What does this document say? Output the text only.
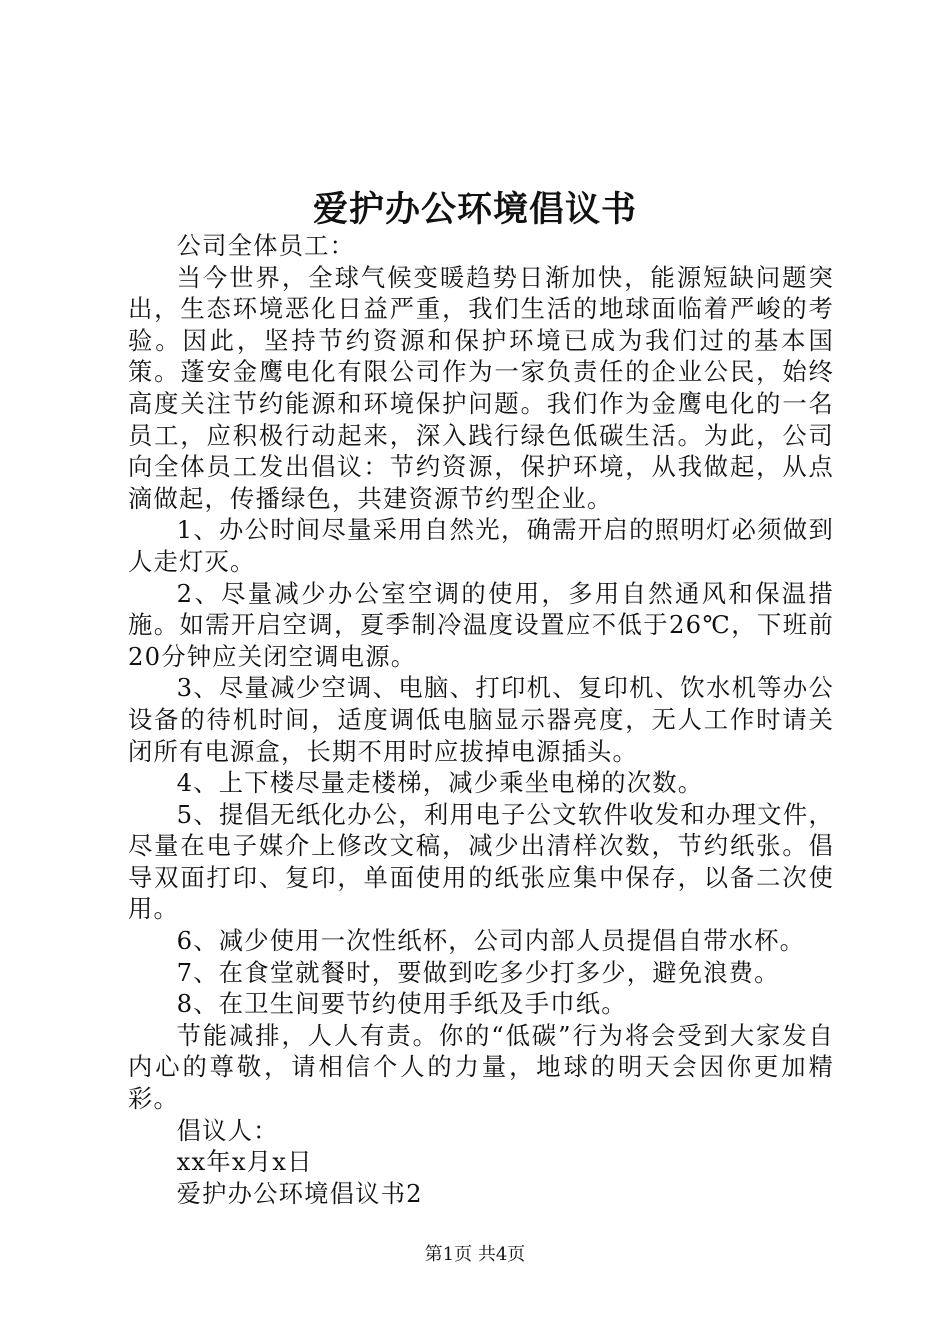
爱护办公环境倡议书

公司全体员工：

当今世界，全球气候变暖趋势日渐加快，能源短缺问题突出，生态环境恶化日益严重，我们生活的地球面临着严峻的考验。因此，坚持节约资源和保护环境已成为我们过的基本国策。蓬安金鹰电化有限公司作为一家负责任的企业公民，始终高度关注节约能源和环境保护问题。我们作为金鹰电化的一名员工，应积极行动起来，深入践行绿色低碳生活。为此，公司向全体员工发出倡议：节约资源，保护环境，从我做起，从点滴做起，传播绿色，共建资源节约型企业。

1、办公时间尽量采用自然光，确需开启的照明灯必须做到人走灯灭。

2、尽量减少办公室空调的使用，多用自然通风和保温措施。如需开启空调，夏季制冷温度设置应不低于26℃，下班前20分钟应关闭空调电源。

3、尽量减少空调、电脑、打印机、复印机、饮水机等办公设备的待机时间，适度调低电脑显示器亮度，无人工作时请关闭所有电源盒，长期不用时应拔掉电源插头。

4、上下楼尽量走楼梯，减少乘坐电梯的次数。

5、提倡无纸化办公，利用电子公文软件收发和办理文件，尽量在电子媒介上修改文稿，减少出清样次数，节约纸张。倡导双面打印、复印，单面使用的纸张应集中保存，以备二次使用。

6、减少使用一次性纸杯，公司内部人员提倡自带水杯。

7、在食堂就餐时，要做到吃多少打多少，避免浪费。

8、在卫生间要节约使用手纸及手巾纸。

节能减排，人人有责。你的“低碳”行为将会受到大家发自内心的尊敬，请相信个人的力量，地球的明天会因你更加精彩。

倡议人：

xx年x月x日

爱护办公环境倡议书2

第1页 共4页
